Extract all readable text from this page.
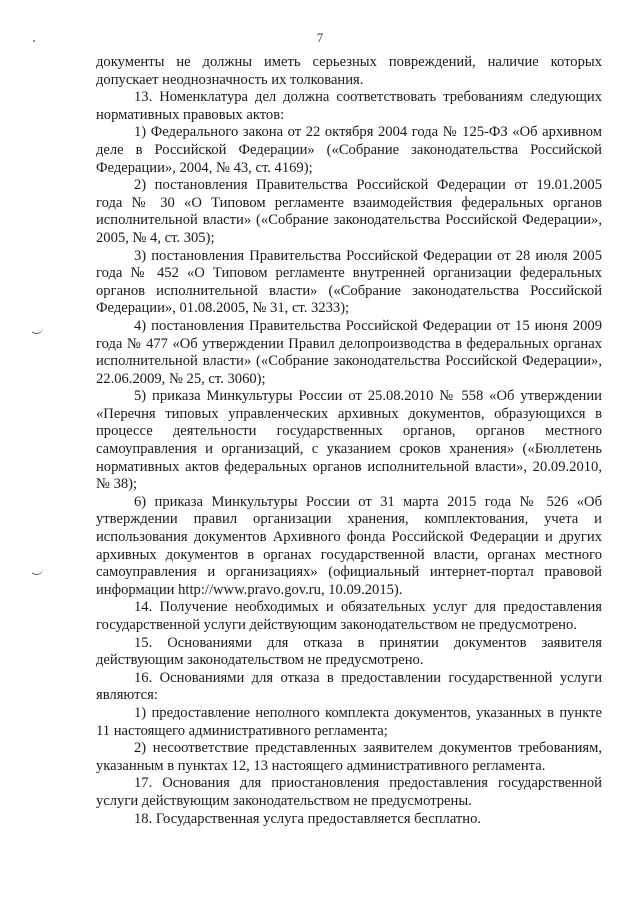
7

документы не должны иметь серьезных повреждений, наличие которых допускает неоднозначность их толкования.

13. Номенклатура дел должна соответствовать требованиям следующих нормативных правовых актов:

1) Федерального закона от 22 октября 2004 года № 125-ФЗ «Об архивном деле в Российской Федерации» («Собрание законодательства Российской Федерации», 2004, № 43, ст. 4169);

2) постановления Правительства Российской Федерации от 19.01.2005 года № 30 «О Типовом регламенте взаимодействия федеральных органов исполнительной власти» («Собрание законодательства Российской Федерации», 2005, № 4, ст. 305);

3) постановления Правительства Российской Федерации от 28 июля 2005 года № 452 «О Типовом регламенте внутренней организации федеральных органов исполнительной власти» («Собрание законодательства Российской Федерации», 01.08.2005, № 31, ст. 3233);

4) постановления Правительства Российской Федерации от 15 июня 2009 года № 477 «Об утверждении Правил делопроизводства в федеральных органах исполнительной власти» («Собрание законодательства Российской Федерации», 22.06.2009, № 25, ст. 3060);

5) приказа Минкультуры России от 25.08.2010 № 558 «Об утверждении «Перечня типовых управленческих архивных документов, образующихся в процессе деятельности государственных органов, органов местного самоуправления и организаций, с указанием сроков хранения» («Бюллетень нормативных актов федеральных органов исполнительной власти», 20.09.2010, № 38);

6) приказа Минкультуры России от 31 марта 2015 года № 526 «Об утверждении правил организации хранения, комплектования, учета и использования документов Архивного фонда Российской Федерации и других архивных документов в органах государственной власти, органах местного самоуправления и организациях» (официальный интернет-портал правовой информации http://www.pravo.gov.ru, 10.09.2015).

14. Получение необходимых и обязательных услуг для предоставления государственной услуги действующим законодательством не предусмотрено.

15. Основаниями для отказа в принятии документов заявителя действующим законодательством не предусмотрено.

16. Основаниями для отказа в предоставлении государственной услуги являются:

1) предоставление неполного комплекта документов, указанных в пункте 11 настоящего административного регламента;

2) несоответствие представленных заявителем документов требованиям, указанным в пунктах 12, 13 настоящего административного регламента.

17. Основания для приостановления предоставления государственной услуги действующим законодательством не предусмотрены.

18. Государственная услуга предоставляется бесплатно.
